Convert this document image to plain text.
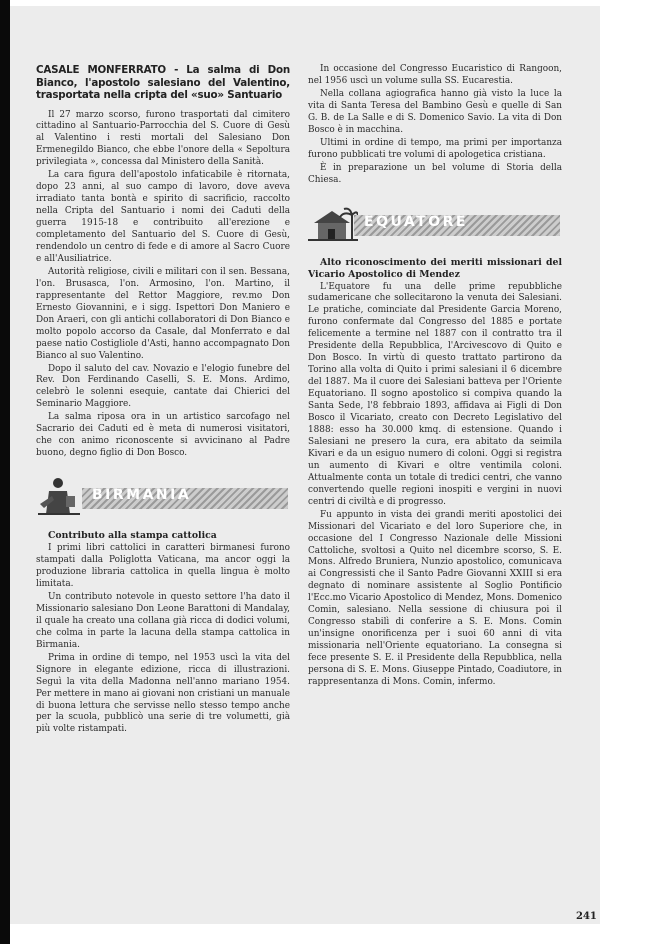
CASALE MONFERRATO - La salma di Don Bianco, l'apostolo salesiano del Valentino, trasportata nella cripta del «suo» Santuario

Il 27 marzo scorso, furono trasportati dal cimitero cittadino al Santuario-Parrocchia del S. Cuore di Gesù al Valentino i resti mortali del Salesiano Don Ermenegildo Bianco, che ebbe l'onore della « Sepoltura privilegiata », concessa dal Ministero della Sanità.

La cara figura dell'apostolo infaticabile è ritornata, dopo 23 anni, al suo campo di lavoro, dove aveva irradiato tanta bontà e spirito di sacrificio, raccolto nella Cripta del Santuario i nomi dei Caduti della guerra 1915-18 e contribuito all'erezione e completamento del Santuario del S. Cuore di Gesù, rendendolo un centro di fede e di amore al Sacro Cuore e all'Ausiliatrice.

Autorità religiose, civili e militari con il sen. Bessana, l'on. Brusasca, l'on. Armosino, l'on. Martino, il rappresentante del Rettor Maggiore, rev.mo Don Ernesto Giovannini, e i sigg. Ispettori Don Maniero e Don Araeri, con gli antichi collaboratori di Don Bianco e molto popolo accorso da Casale, dal Monferrato e dal paese natio Costigliole d'Asti, hanno accompagnato Don Bianco al suo Valentino.

Dopo il saluto del cav. Novazio e l'elogio funebre del Rev. Don Ferdinando Caselli, S. E. Mons. Ardimo, celebrò le solenni esequie, cantate dai Chierici del Seminario Maggiore.

La salma riposa ora in un artistico sarcofago nel Sacrario dei Caduti ed è meta di numerosi visitatori, che con animo riconoscente si avvicinano al Padre buono, degno figlio di Don Bosco.

BIRMANIA

Contributo alla stampa cattolica

I primi libri cattolici in caratteri birmanesi furono stampati dalla Poliglotta Vaticana, ma ancor oggi la produzione libraria cattolica in quella lingua è molto limitata.

Un contributo notevole in questo settore l'ha dato il Missionario salesiano Don Leone Barattoni di Mandalay, il quale ha creato una collana già ricca di dodici volumi, che colma in parte la lacuna della stampa cattolica in Birmania.

Prima in ordine di tempo, nel 1953 uscì la vita del Signore in elegante edizione, ricca di illustrazioni. Seguì la vita della Madonna nell'anno mariano 1954. Per mettere in mano ai giovani non cristiani un manuale di buona lettura che servisse nello stesso tempo anche per la scuola, pubblicò una serie di tre volumetti, già più volte ristampati.

In occasione del Congresso Eucaristico di Rangoon, nel 1956 uscì un volume sulla SS. Eucarestia.

Nella collana agiografica hanno già visto la luce la vita di Santa Teresa del Bambino Gesù e quelle di San G. B. de La Salle e di S. Domenico Savio. La vita di Don Bosco è in macchina.

Ultimi in ordine di tempo, ma primi per importanza furono pubblicati tre volumi di apologetica cristiana.

È in preparazione un bel volume di Storia della Chiesa.

EQUATORE

Alto riconoscimento dei meriti missionari del Vicario Apostolico di Mendez

L'Equatore fu una delle prime repubbliche sudamericane che sollecitarono la venuta dei Salesiani. Le pratiche, cominciate dal Presidente Garcia Moreno, furono confermate dal Congresso del 1885 e portate felicemente a termine nel 1887 con il contratto tra il Presidente della Repubblica, l'Arcivescovo di Quito e Don Bosco. In virtù di questo trattato partirono da Torino alla volta di Quito i primi salesiani il 6 dicembre del 1887. Ma il cuore dei Salesiani batteva per l'Oriente Equatoriano. Il sogno apostolico si compiva quando la Santa Sede, l'8 febbraio 1893, affidava ai Figli di Don Bosco il Vicariato, creato con Decreto Legislativo del 1888: esso ha 30.000 kmq. di estensione. Quando i Salesiani ne presero la cura, era abitato da seimila Kivari e da un esiguo numero di coloni. Oggi si registra un aumento di Kivari e oltre ventimila coloni. Attualmente conta un totale di tredici centri, che vanno convertendo quelle regioni inospiti e vergini in nuovi centri di civiltà e di progresso.

Fu appunto in vista dei grandi meriti apostolici dei Missionari del Vicariato e del loro Superiore che, in occasione del I Congresso Nazionale delle Missioni Cattoliche, svoltosi a Quito nel dicembre scorso, S. E. Mons. Alfredo Bruniera, Nunzio apostolico, comunicava ai Congressisti che il Santo Padre Giovanni XXIII si era degnato di nominare assistente al Soglio Pontificio l'Ecc.mo Vicario Apostolico di Mendez, Mons. Domenico Comin, salesiano. Nella sessione di chiusura poi il Congresso stabilì di conferire a S. E. Mons. Comin un'insigne onorificenza per i suoi 60 anni di vita missionaria nell'Oriente equatoriano. La consegna si fece presente S. E. il Presidente della Repubblica, nella persona di S. E. Mons. Giuseppe Pintado, Coadiutore, in rappresentanza di Mons. Comin, infermo.

241
